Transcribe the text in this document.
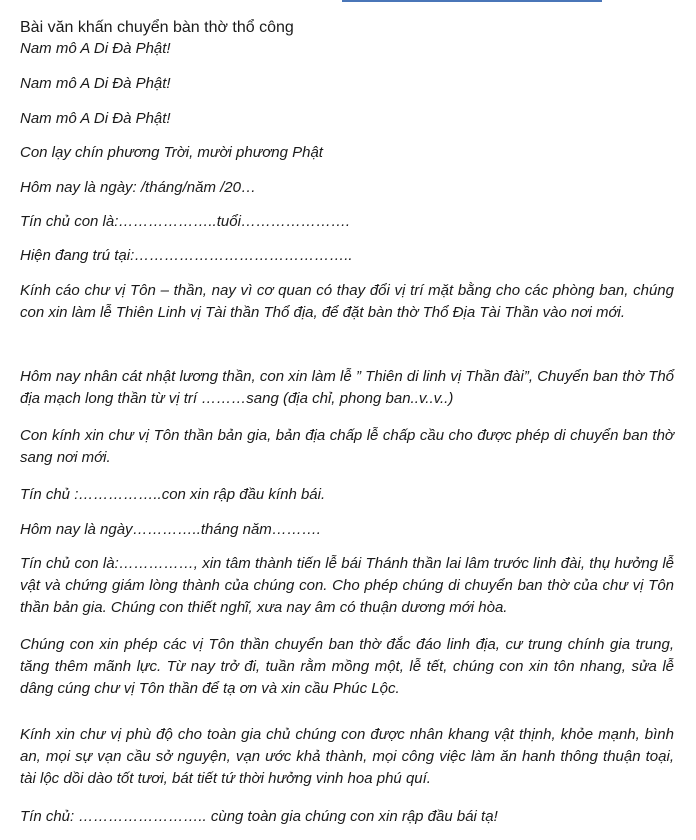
Bài văn khấn chuyển bàn thờ thổ công

Nam mô A Di Đà Phật!

Nam mô A Di Đà Phật!

Nam mô A Di Đà Phật!

Con lạy chín phương Trời, mười phương Phật

Hôm nay là ngày: /tháng/năm /20…

Tín chủ con là:………………..tuổi………………….

Hiện đang trú tại:……………………………………..

Kính cáo chư vị Tôn – thần, nay vì cơ quan có thay đổi vị trí mặt bằng cho các phòng ban, chúng con xin làm lễ Thiên Linh vị Tài thần Thổ địa, để đặt bàn thờ Thổ Địa Tài Thần vào nơi mới.

Hôm nay nhân cát nhật lương thần, con xin làm lễ ” Thiên di linh vị Thần đài”, Chuyển ban thờ Thổ địa mạch long thần từ vị trí ………sang (địa chỉ, phong ban..v..v..)

Con kính xin chư vị Tôn thần bản gia, bản địa chấp lễ chấp cầu cho được phép di chuyển ban thờ sang nơi mới.

Tín chủ :……………..con xin rập đầu kính bái.

Hôm nay là ngày…………..tháng năm……….

Tín chủ con là:……………, xin tâm thành tiến lễ bái Thánh thần lai lâm trước linh đài, thụ hưởng lễ vật và chứng giám lòng thành của chúng con. Cho phép chúng di chuyển ban thờ của chư vị Tôn thần bản gia. Chúng con thiết nghĩ, xưa nay âm có thuận dương mới hòa.

Chúng con xin phép các vị Tôn thần chuyển ban thờ đắc đáo linh địa, cư trung chính gia trung, tăng thêm mãnh lực. Từ nay trở đi, tuần rằm mồng một, lễ tết, chúng con xin tôn nhang, sửa lễ dâng cúng chư vị Tôn thần để tạ ơn và xin cầu Phúc Lộc.

Kính xin chư vị phù độ cho toàn gia chủ chúng con được nhân khang vật thịnh, khỏe mạnh, bình an, mọi sự vạn cầu sở nguyện, vạn ước khả thành, mọi công việc làm ăn hanh thông thuận toại, tài lộc dồi dào tốt tươi, bát tiết tứ thời hưởng vinh hoa phú quí.

Tín chủ: …………………….. cùng toàn gia chúng con xin rập đầu bái tạ!
